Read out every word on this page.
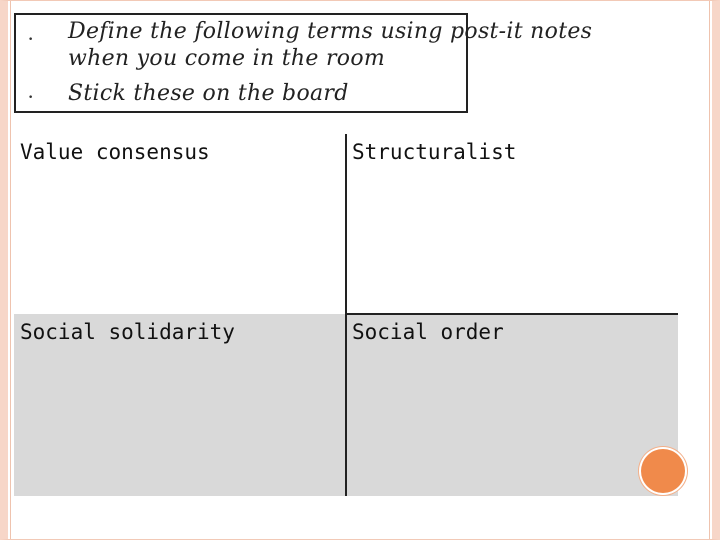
•
•
Define the following terms using post-it notes
when you come in the room
Stick these on the board
Value consensus	Structuralist
Social solidarity	Social order
